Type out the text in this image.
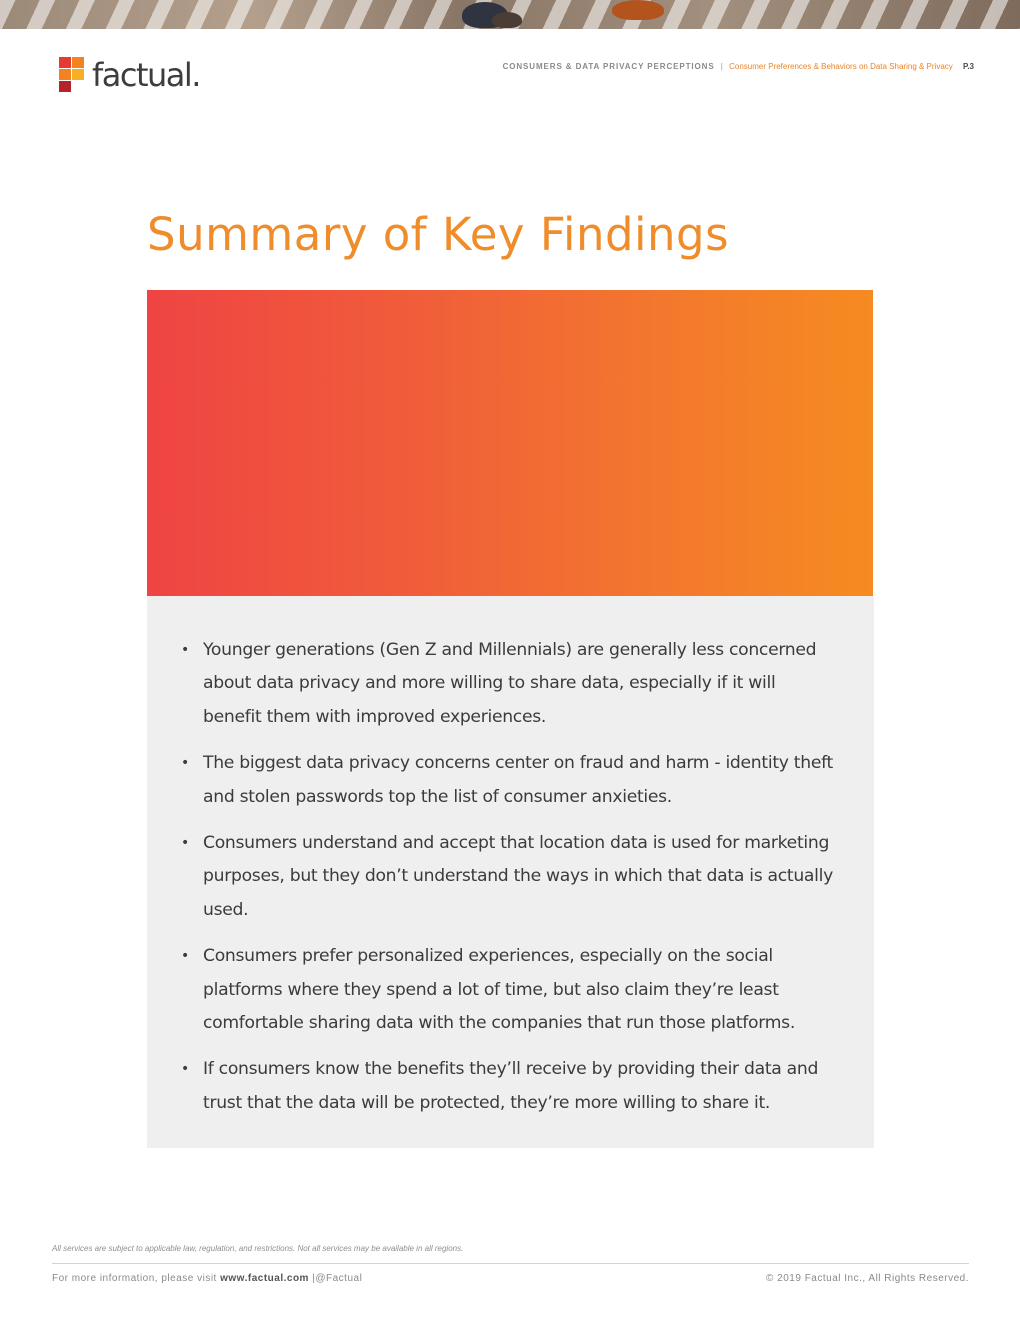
factual.	CONSUMERS & DATA PRIVACY PERCEPTIONS | Consumer Preferences & Behaviors on Data Sharing & Privacy P.3
Summary of Key Findings
• Younger generations (Gen Z and Millennials) are generally less concerned about data privacy and more willing to share data, especially if it will benefit them with improved experiences.
• The biggest data privacy concerns center on fraud and harm - identity theft and stolen passwords top the list of consumer anxieties.
• Consumers understand and accept that location data is used for marketing purposes, but they don’t understand the ways in which that data is actually used.
• Consumers prefer personalized experiences, especially on the social platforms where they spend a lot of time, but also claim they’re least comfortable sharing data with the companies that run those platforms.
• If consumers know the benefits they’ll receive by providing their data and trust that the data will be protected, they’re more willing to share it.
All services are subject to applicable law, regulation, and restrictions. Not all services may be available in all regions.
For more information, please visit www.factual.com |@Factual	© 2019 Factual Inc., All Rights Reserved.
